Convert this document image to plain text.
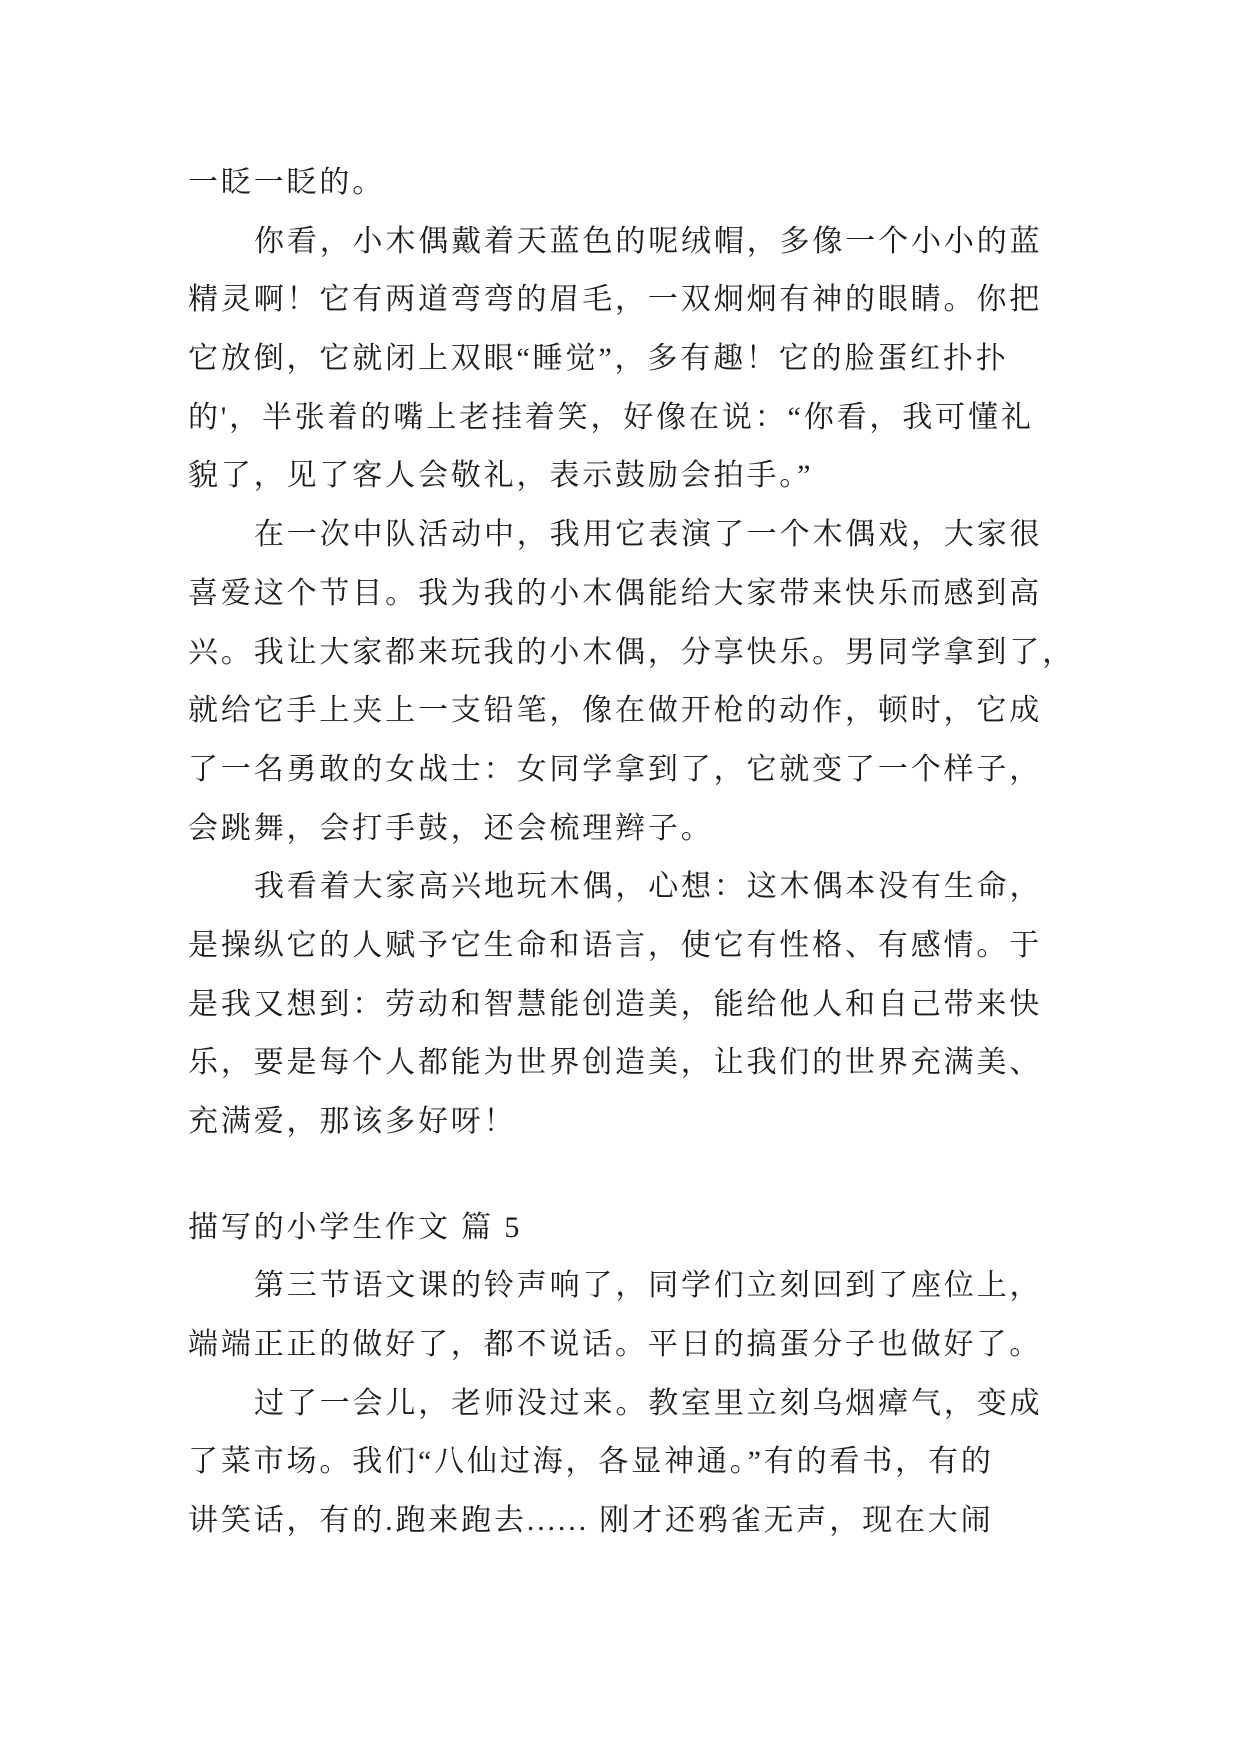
一眨一眨的。
你看，小木偶戴着天蓝色的呢绒帽，多像一个小小的蓝
精灵啊！它有两道弯弯的眉毛，一双炯炯有神的眼睛。你把
它放倒，它就闭上双眼“睡觉”，多有趣！它的脸蛋红扑扑
的'，半张着的嘴上老挂着笑，好像在说：“你看，我可懂礼
貌了，见了客人会敬礼，表示鼓励会拍手。”
在一次中队活动中，我用它表演了一个木偶戏，大家很
喜爱这个节目。我为我的小木偶能给大家带来快乐而感到高
兴。我让大家都来玩我的小木偶，分享快乐。男同学拿到了，
就给它手上夹上一支铅笔，像在做开枪的动作，顿时，它成
了一名勇敢的女战士：女同学拿到了，它就变了一个样子，
会跳舞，会打手鼓，还会梳理辫子。
我看着大家高兴地玩木偶，心想：这木偶本没有生命，
是操纵它的人赋予它生命和语言，使它有性格、有感情。于
是我又想到：劳动和智慧能创造美，能给他人和自己带来快
乐，要是每个人都能为世界创造美，让我们的世界充满美、
充满爱，那该多好呀！
描写的小学生作文 篇 5
第三节语文课的铃声响了，同学们立刻回到了座位上，
端端正正的做好了，都不说话。平日的搞蛋分子也做好了。
过了一会儿，老师没过来。教室里立刻乌烟瘴气，变成
了菜市场。我们“八仙过海，各显神通。”有的看书，有的
讲笑话，有的.跑来跑去...... 刚才还鸦雀无声，现在大闹
